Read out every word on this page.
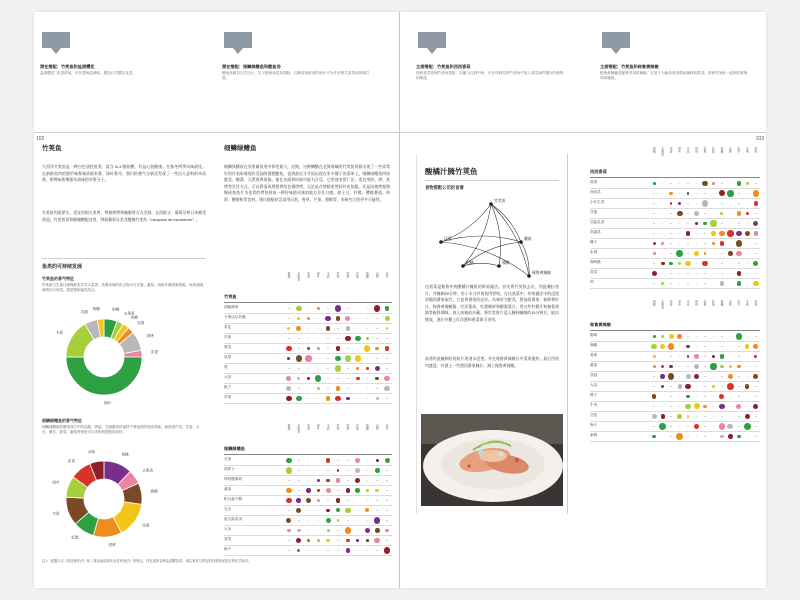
潜在搭配：竹荚鱼和盐渍樱花
盐渍樱花""花香浓郁，可代替海盐调味，塑造日式樱花花香。
潜在搭配：细鳞绿鳍鱼和鲣鱼汤
鲣鱼汤源自日式出汁，以干鲣鱼和昆布熬制，这种清淡鲜美的汤汁可为许多鲜式清蒸和风味打底。
102
竹荚鱼
大西洋竹荚鱼是一种白色油性鱼类，富含 Ω-3 脂肪酸，有益心脏健康。在秋冬两季风味最佳。在新鲜鱼肉的奥甲味香味浓郁本香、绿叶香丹。我们的香气分析还发现了一些出人意料的木质香、烘烤味和增强木质味的芳香分子。
竹荚鱼肉质紧实，适宜用烟火炙烤、烤箱烘烤和腌制等方式烹制。在西班牙，葡萄牙和日本颇受欢迎。竹荚鱼常和醋腌酸配食用，例如葡萄牙美食醋腌竹荚鱼（carapaus de escabeche）。
细鳞绿鳍鱼
细鳞绿鳍鱼在其所属鱼类中体型最大，近期，这种鳞鳍在北海海域的竹荚鱼资源出现了一些非常好的作表彰被视作美国的酒肥鲍鱼。直到最近才开始出现在更多餐厅的菜单上。细鳞绿鳍鱼肉质肥美，嫩滑，天然香香浓郁。被在杂涌和时候中最为合适，它用途非常广泛，适宜用煎、烘、炙烤等烹饪方式，可以将清成理想烘焙包裹烘烤。无论是在烤箱里烤到外皮焦脆，还是同烧烤架慢慢成焦鱼片为佳肴的烤鱼鲜鱼一种好味道风味的地方烹任口感，如土豆、柠檬、樱桃番茄、莳萝、腰果粉等食材。建议搭配时尝试用贝类、香草、芒果、甜椒等，来研究它的更多可能性。
鱼类的可持续发展
竹荚鱼的香气特征
竹荚鱼与生姜汁和海鲜类共享大量香，其嗅米味的化合物可与洋葱、番茄、西班牙辣香肠搭配，尚其他嗅味则可与西瓜、甜菜根和蜜瓜结合。
柑橘
水果香
奶酪
坚果
烘烤
花香
绿叶
木质
乳脂
焦糖
细鳞绿鳍鱼的香气特征
细鳞绿鳍鱼的醇香成分中的乳酸、烤焙、芝麻酱或伊索特于烤焙的的细类风味，而茴香芹菜、甘蓝、大豆、紫苏、甜菜、番茄等则是可与该鱼相搭配的食材。
柑橘
水果香
焦糖
坚果
烘烤
乳脂
木质
绿叶
花香
动物
注1：根据日本《食品保安法》和《食品添加剂安全性审查法》的规定，你在选择各种盐渍樱花时，请注意其与特定的内源特征进行的化学标识。
柑橘 水果香 花香 绿叶 木质 烘烤 坚果 乳脂 焦糖 动物 化学
竹荚鱼
胡椒薄荷
卡曼达尔奶酪
菜花
洋葱
黄瓜
凤梨
梨
大蒜
桃子
苹果
柑橘 水果香 花香 绿叶 木质 烘烤 坚果 乳脂 焦糖 动物 化学
细鳞绿鳍鱼
月见
胡萝卜
烤的醋薄荷
番茄
帕马森干酪
毛豆
意式蔬菜汤
大米
香菜
梅干
主厨搭配：竹荚鱼和西西香菜
西西香菜常和竹荚鱼搭配，以醋与红酒中和，可在炸制过的竹荚鱼中加入香菜和柠檬汁的独特的味道。
主厨搭配：竹荚鱼和秘鲁黄辣椒
秘鲁黄辣椒是秘鲁常用的辣椒，它用于为南美美食增添辣味和果香。常和竹荚鱼一起制作秘鲁风味腌鱼。
103
酸橘汁腌竹荚鱼
食物搭配公司的食谱
竹荚鱼
洋葱
柑橘
蘑菇
辣椒
秘鲁黄辣椒
这道菜是秘鲁传统酸橘汁腌鱼的简易做法。首先将竹荚鱼去皮，用盐腌拉鱼片，并腌制20分钟，用干水分并使鱼肉紧致。在这道菜中，传统做法中的浸泡浓醋西番果取代，它是香番果的近亲。风味更为甜美。将加西番果、新鲜香柠汁、秘鲁黄辣椒酱、红洋葱丝、红甜椒碎和醋酱混合，用这些柠檬汁和秘鲁果酱等配料调味，放入冰箱前冷藏。将竹荚鱼片浸入腌料腌制约15分钟后，取出摆放，浇汁并撒上红洋葱和香菜即可享用。
高将用此腌制好的鱼片用浇水浸透。并在秘鲁黄辣椒汁中菜果搅拌。最后用鱼肉盛盘，并洒上一些甜西番果腌汁，淋上秘鲁黄辣椒。
柑橘 水果香 花香 绿叶 木质 烘烤 坚果 乳脂 焦糖 动物 化学 辛辣 香料
西西香菜
茴香
西米菜
小叶生菜
洋葱
加盐乳清
高丽菜
椰子
米酒
海鲜酱
香菜
柿
柑橘 水果香 花香 绿叶 木质 烘烤 坚果 乳脂 焦糖 动物 化学 辛辣 香料
秘鲁黄辣椒
葡萄
辣椒
姜黄
番茄
香菇
大蒜
橙子
牛肉
甘蓝
梅子
莱姆
